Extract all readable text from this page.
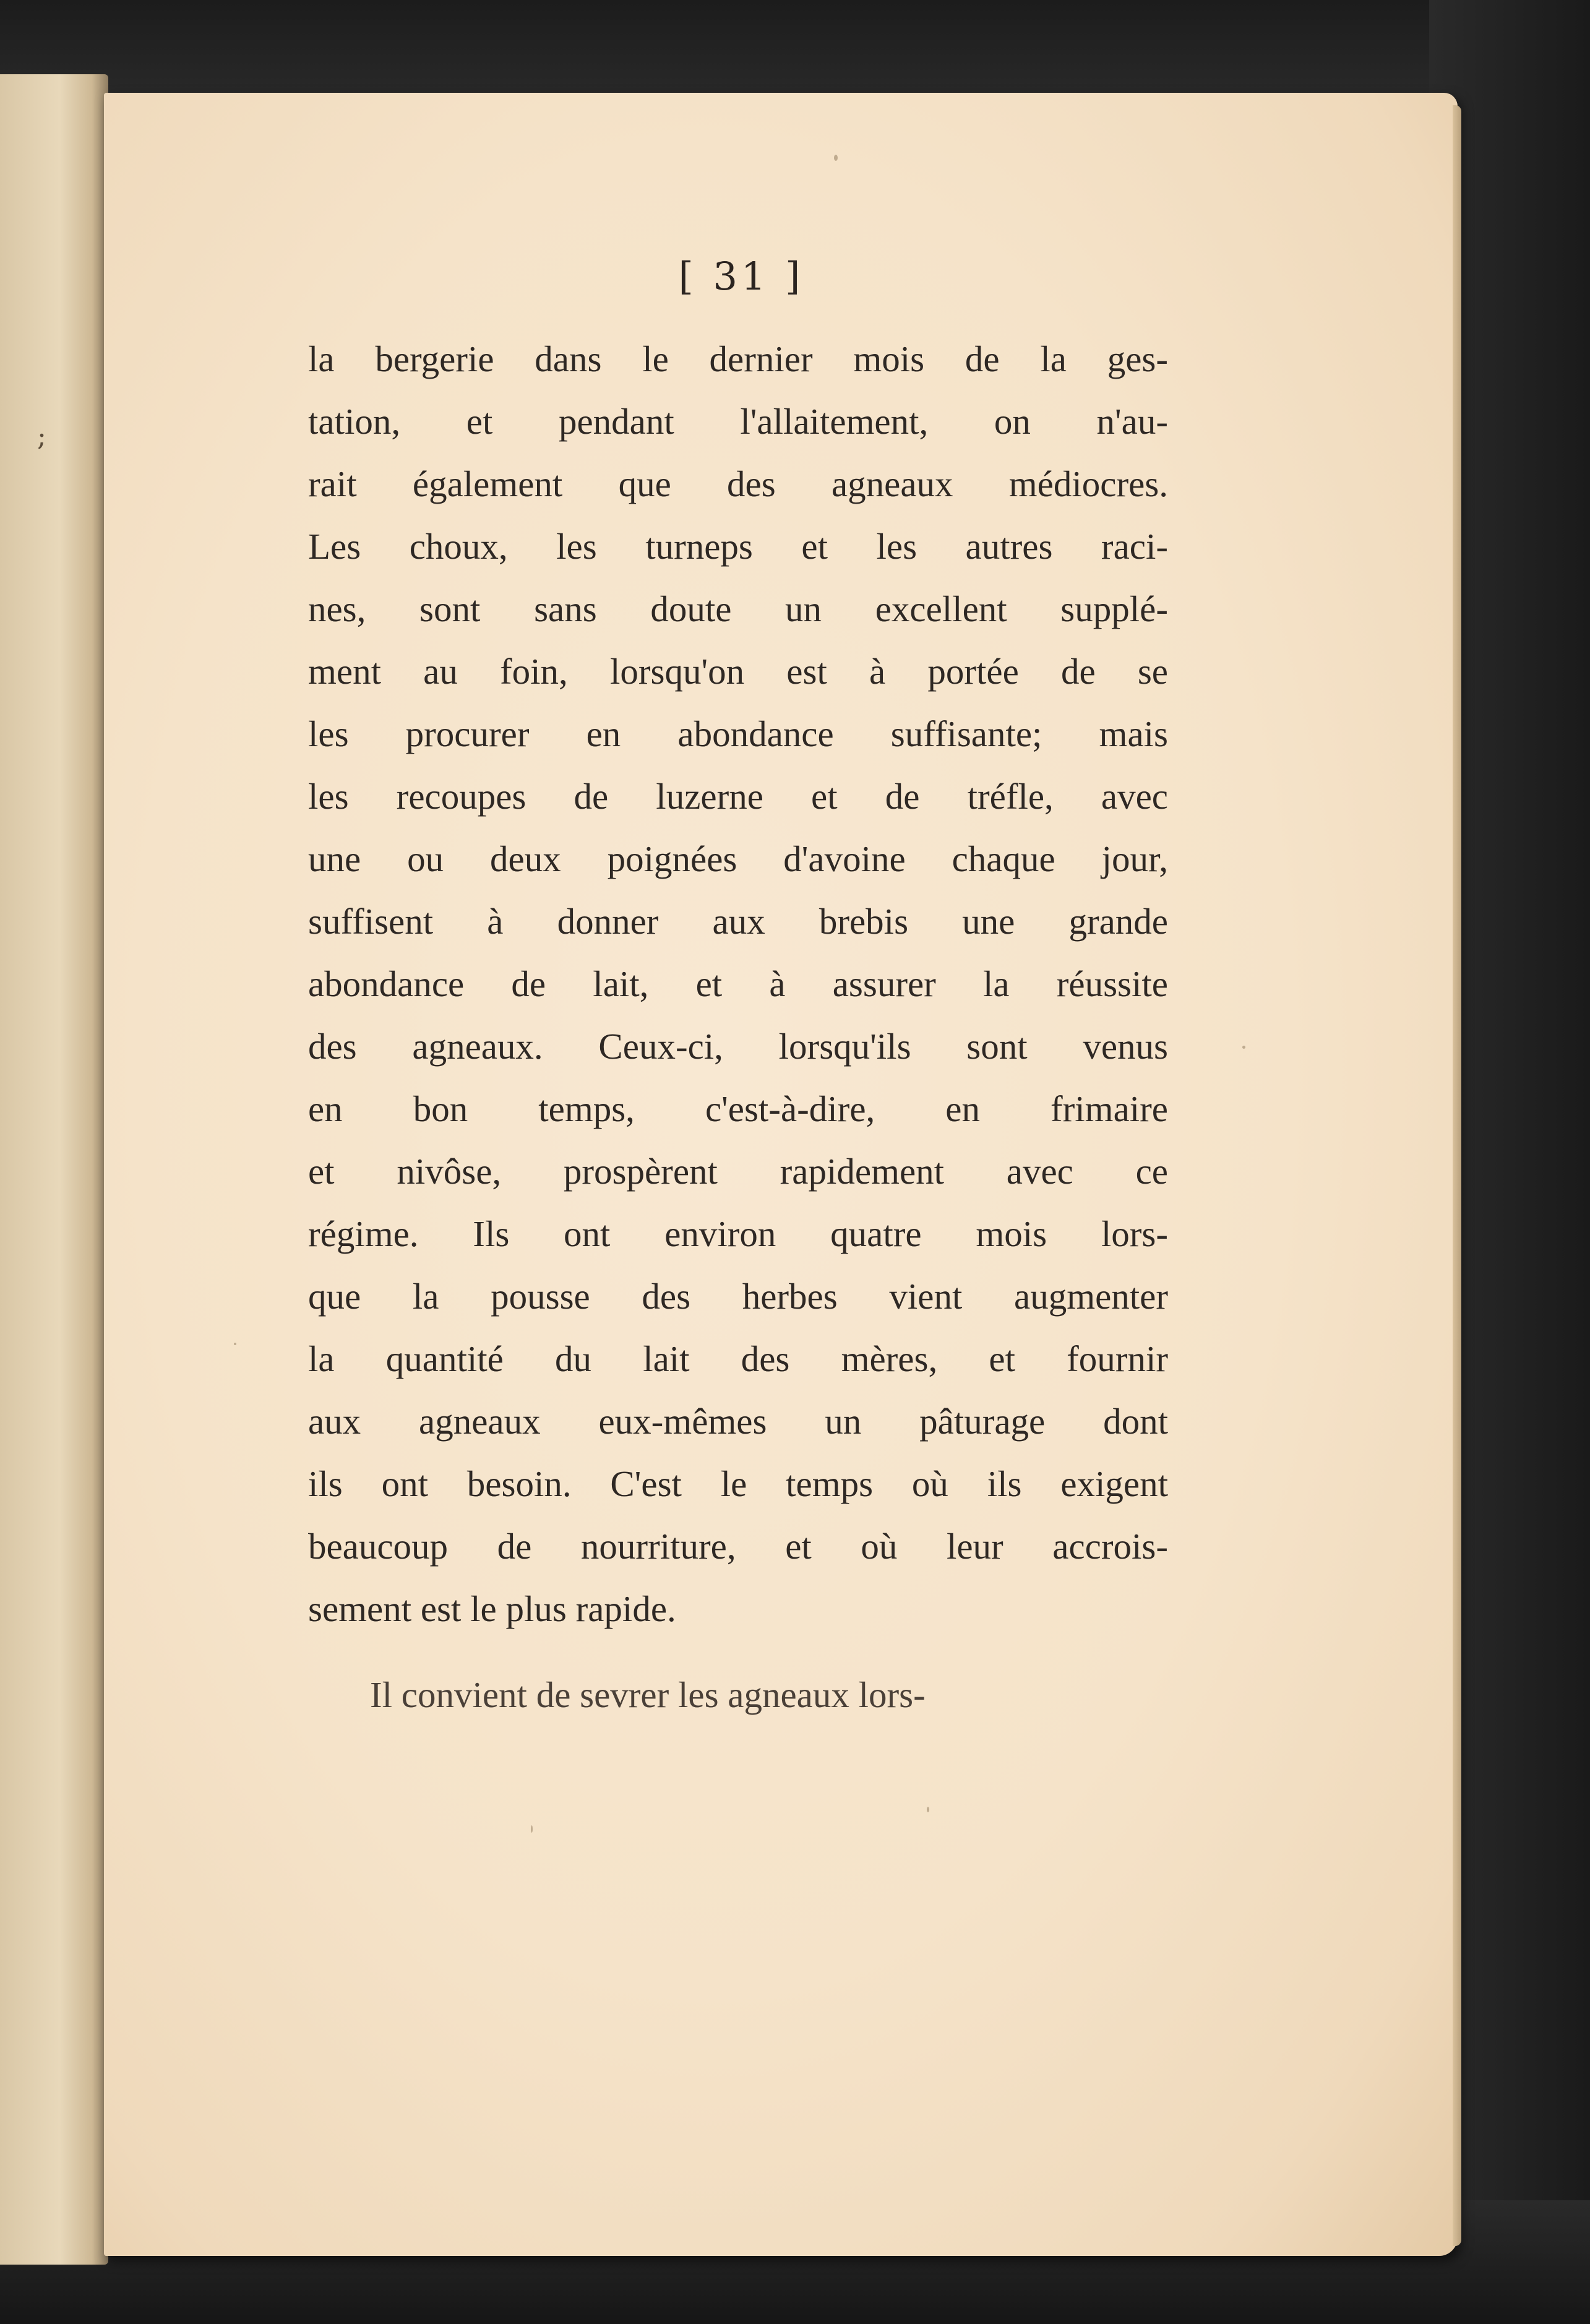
;
[ 31 ]
la bergerie dans le dernier mois de la ges-
tation, et pendant l'allaitement, on n'au-
rait également que des agneaux médiocres.
Les choux, les turneps et les autres raci-
nes, sont sans doute un excellent supplé-
ment au foin, lorsqu'on est à portée de se
les procurer en abondance suffisante; mais
les recoupes de luzerne et de tréfle, avec
une ou deux poignées d'avoine chaque jour,
suffisent à donner aux brebis une grande
abondance de lait, et à assurer la réussite
des agneaux. Ceux-ci, lorsqu'ils sont venus
en bon temps, c'est-à-dire, en frimaire
et nivôse, prospèrent rapidement avec ce
régime. Ils ont environ quatre mois lors-
que la pousse des herbes vient augmenter
la quantité du lait des mères, et fournir
aux agneaux eux-mêmes un pâturage dont
ils ont besoin. C'est le temps où ils exigent
beaucoup de nourriture, et où leur accrois-
sement est le plus rapide.
Il convient de sevrer les agneaux lors-
